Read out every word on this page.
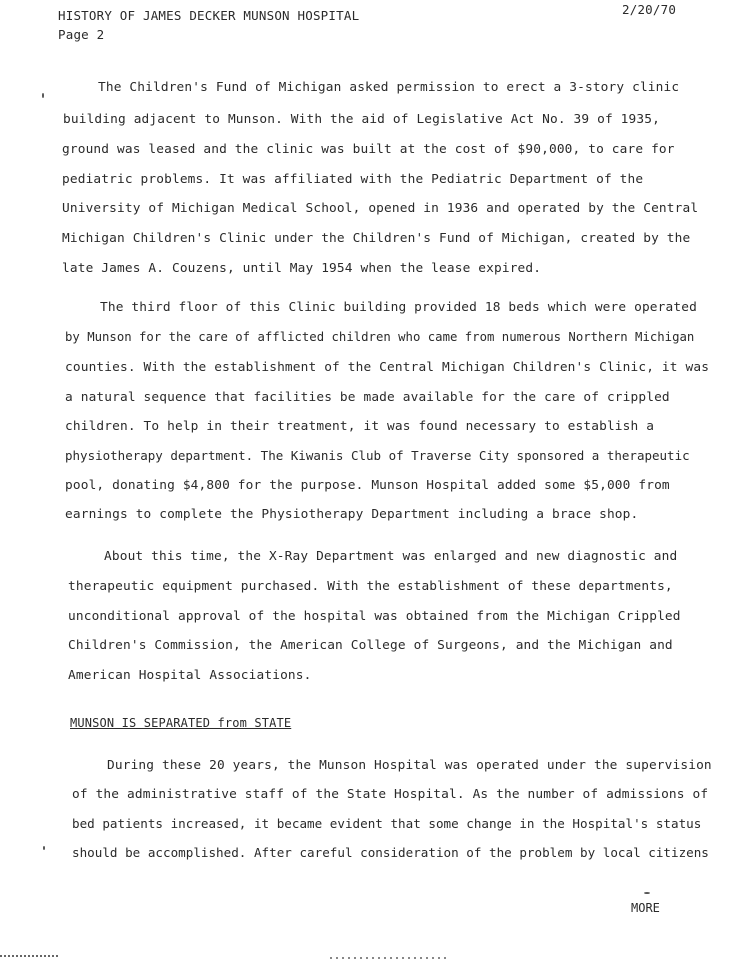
HISTORY OF JAMES DECKER MUNSON HOSPITAL
Page 2
2/20/70
The Children's Fund of Michigan asked permission to erect a 3-story clinic
building adjacent to Munson. With the aid of Legislative Act No. 39 of 1935,
ground was leased and the clinic was built at the cost of $90,000, to care for
pediatric problems. It was affiliated with the Pediatric Department of the
University of Michigan Medical School, opened in 1936 and operated by the Central
Michigan Children's Clinic under the Children's Fund of Michigan, created by the
late James A. Couzens, until May 1954 when the lease expired.
The third floor of this Clinic building provided 18 beds which were operated
by Munson for the care of afflicted children who came from numerous Northern Michigan
counties. With the establishment of the Central Michigan Children's Clinic, it was
a natural sequence that facilities be made available for the care of crippled
children. To help in their treatment, it was found necessary to establish a
physiotherapy department. The Kiwanis Club of Traverse City sponsored a therapeutic
pool, donating $4,800 for the purpose. Munson Hospital added some $5,000 from
earnings to complete the Physiotherapy Department including a brace shop.
About this time, the X-Ray Department was enlarged and new diagnostic and
therapeutic equipment purchased. With the establishment of these departments,
unconditional approval of the hospital was obtained from the Michigan Crippled
Children's Commission, the American College of Surgeons, and the Michigan and
American Hospital Associations.
MUNSON IS SEPARATED from STATE
During these 20 years, the Munson Hospital was operated under the supervision
of the administrative staff of the State Hospital. As the number of admissions of
bed patients increased, it became evident that some change in the Hospital's status
should be accomplished. After careful consideration of the problem by local citizens
MORE
